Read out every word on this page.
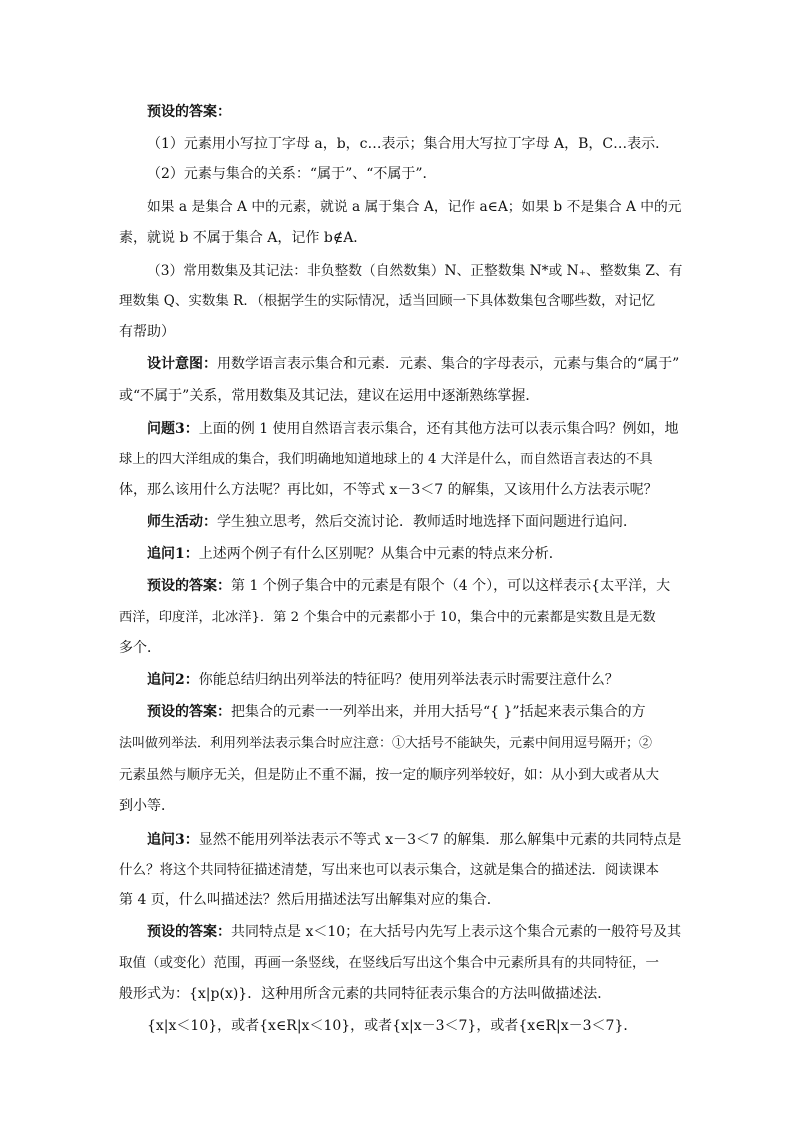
预设的答案：

（1）元素用小写拉丁字母 a，b，c…表示；集合用大写拉丁字母 A，B，C…表示．

（2）元素与集合的关系：“属于”、“不属于”．

如果 a 是集合 A 中的元素，就说 a 属于集合 A，记作 a∈A；如果 b 不是集合 A 中的元

素，就说 b 不属于集合 A，记作 b∉A．

（3）常用数集及其记法：非负整数（自然数集）N、正整数集 N*或 N₊、整数集 Z、有

理数集 Q、实数集 R．（根据学生的实际情况，适当回顾一下具体数集包含哪些数，对记忆

有帮助）

设计意图：用数学语言表示集合和元素．元素、集合的字母表示，元素与集合的“属于”

或“不属于”关系，常用数集及其记法，建议在运用中逐渐熟练掌握．

问题3：上面的例 1 使用自然语言表示集合，还有其他方法可以表示集合吗？例如，地

球上的四大洋组成的集合，我们明确地知道地球上的 4 大洋是什么，而自然语言表达的不具

体，那么该用什么方法呢？再比如，不等式 x－3＜7 的解集，又该用什么方法表示呢？

师生活动：学生独立思考，然后交流讨论．教师适时地选择下面问题进行追问．

追问1：上述两个例子有什么区别呢？从集合中元素的特点来分析．

预设的答案：第 1 个例子集合中的元素是有限个（4 个），可以这样表示{太平洋，大

西洋，印度洋，北冰洋}．第 2 个集合中的元素都小于 10，集合中的元素都是实数且是无数

多个．

追问2：你能总结归纳出列举法的特征吗？使用列举法表示时需要注意什么？

预设的答案：把集合的元素一一列举出来，并用大括号“{ }”括起来表示集合的方

法叫做列举法．利用列举法表示集合时应注意：①大括号不能缺失，元素中间用逗号隔开；②

元素虽然与顺序无关，但是防止不重不漏，按一定的顺序列举较好，如：从小到大或者从大

到小等．

追问3：显然不能用列举法表示不等式 x－3＜7 的解集．那么解集中元素的共同特点是

什么？将这个共同特征描述清楚，写出来也可以表示集合，这就是集合的描述法．阅读课本

第 4 页，什么叫描述法？然后用描述法写出解集对应的集合．

预设的答案：共同特点是 x＜10；在大括号内先写上表示这个集合元素的一般符号及其

取值（或变化）范围，再画一条竖线，在竖线后写出这个集合中元素所具有的共同特征，一

般形式为：{x|p(x)}．这种用所含元素的共同特征表示集合的方法叫做描述法．

{x|x＜10}，或者{x∈R|x＜10}，或者{x|x－3＜7}，或者{x∈R|x－3＜7}．
